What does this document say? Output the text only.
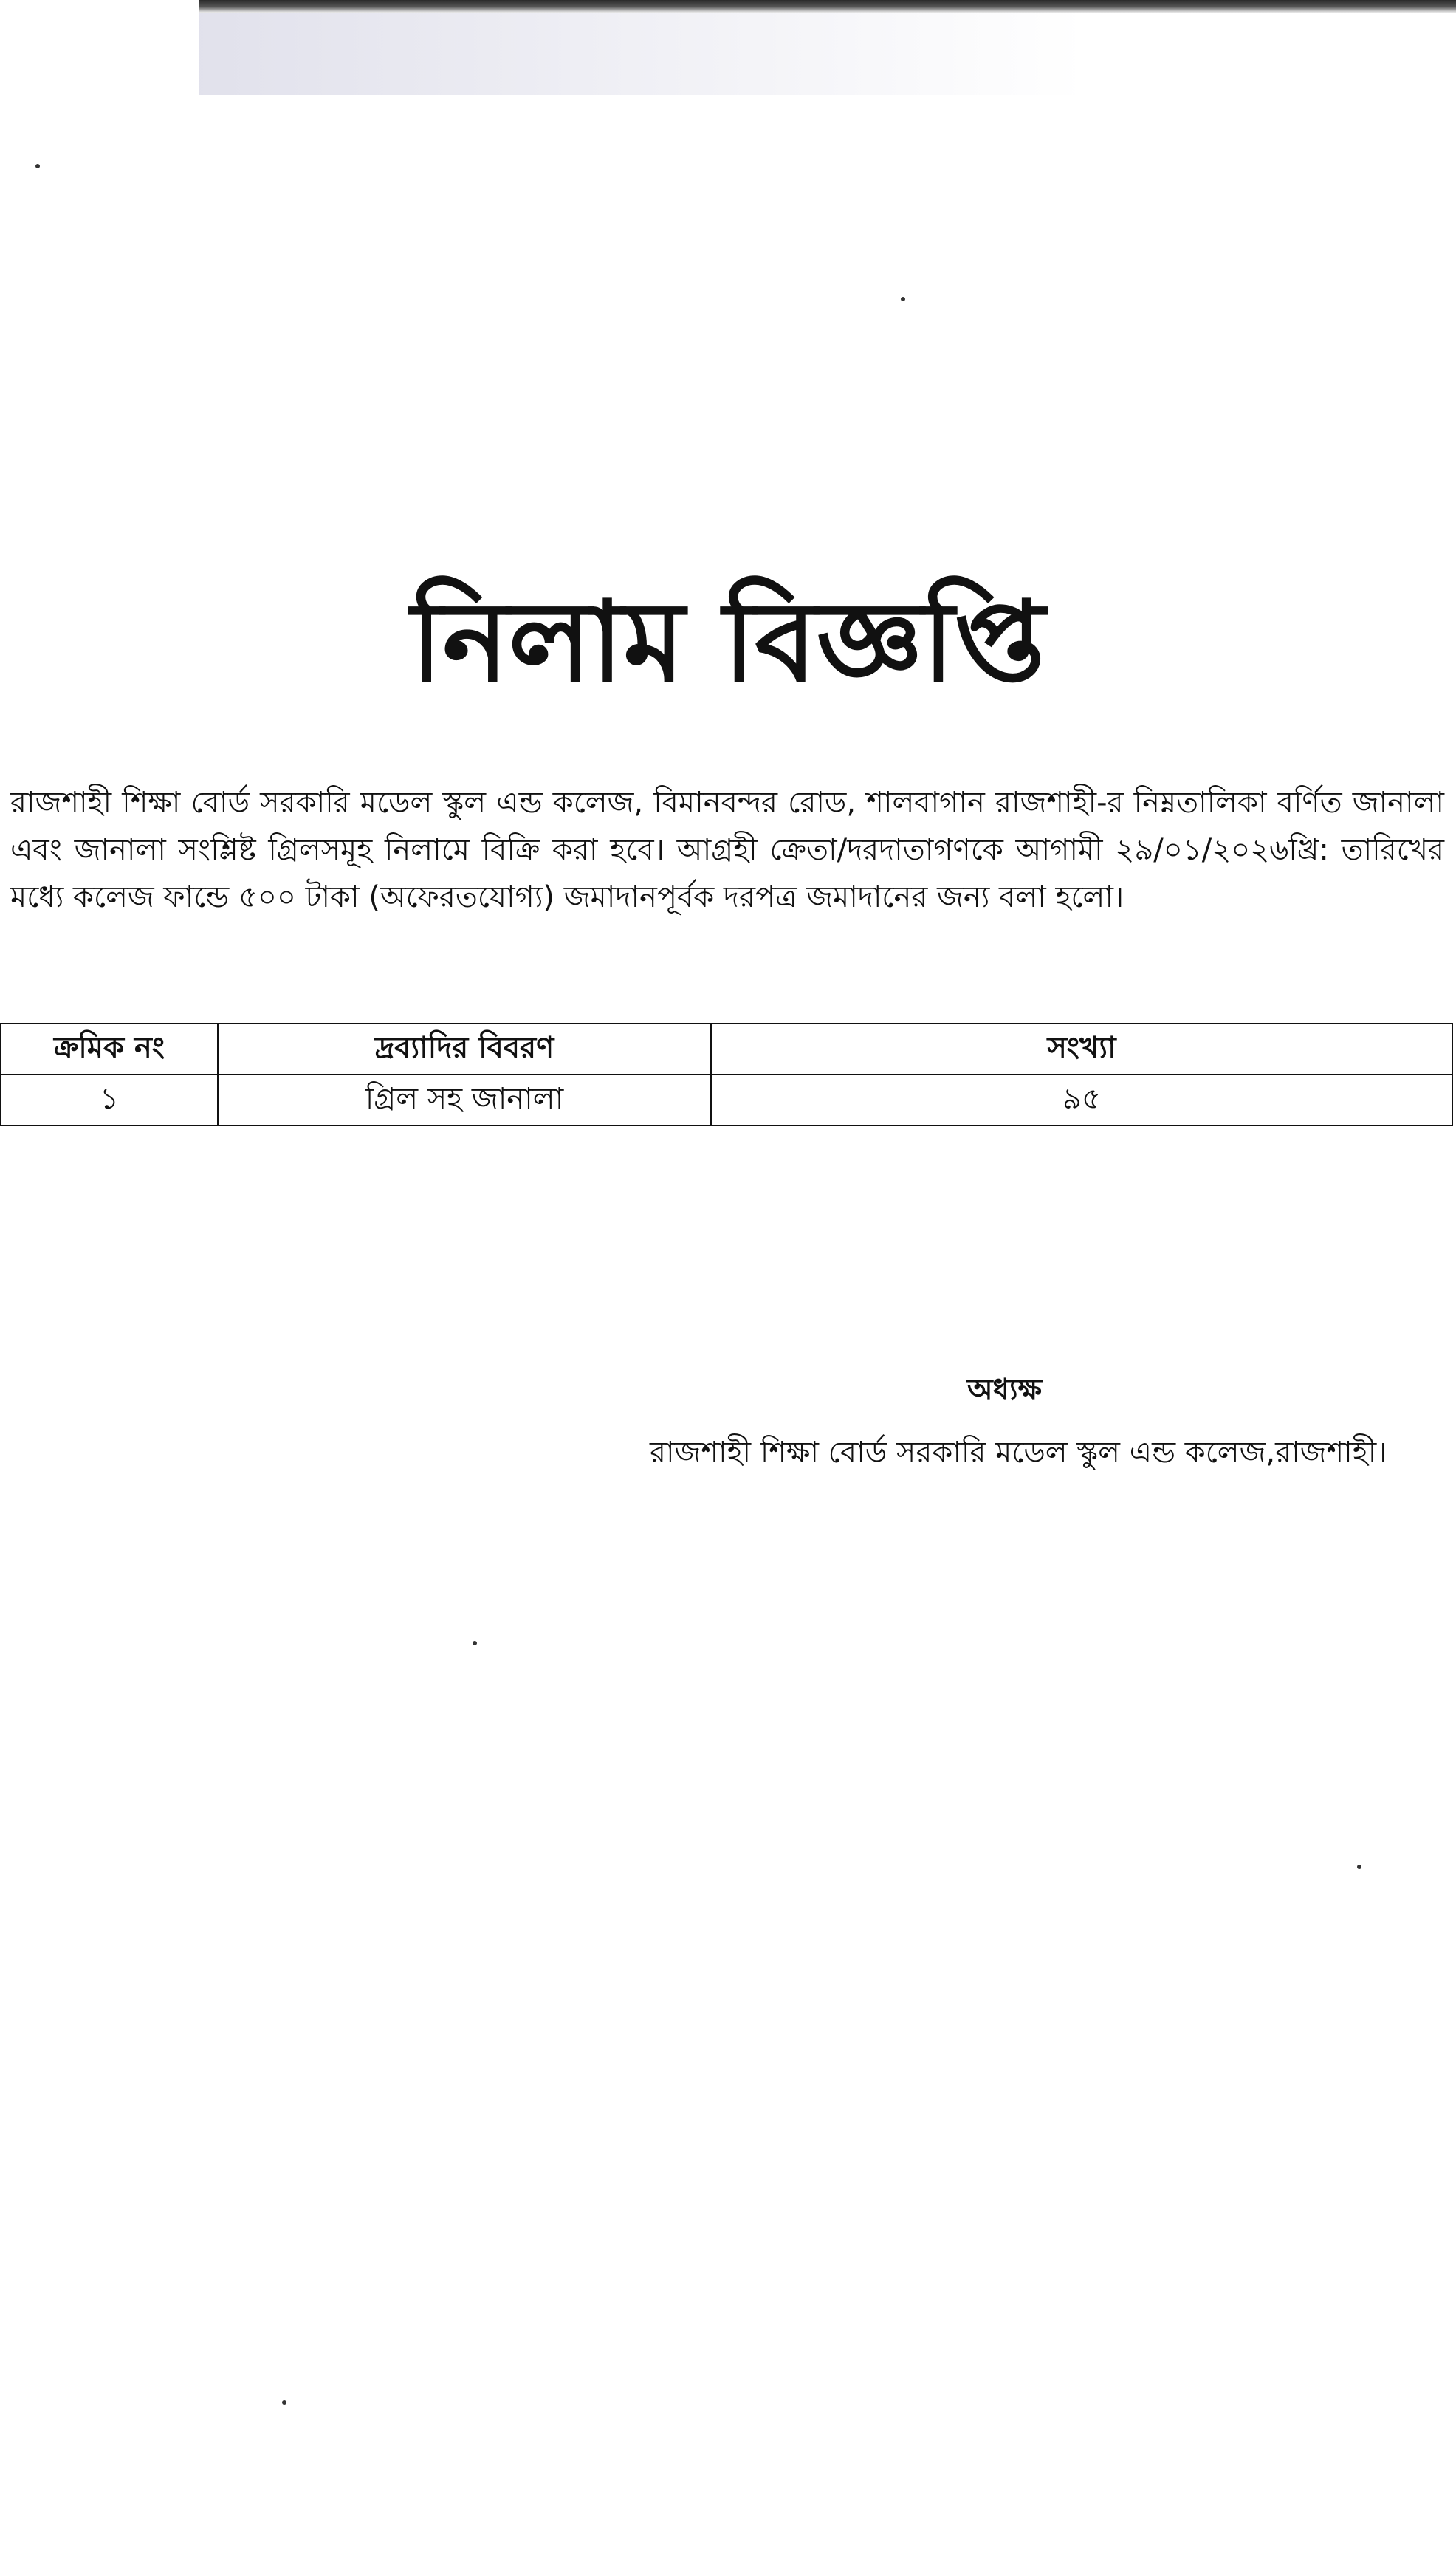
নিলাম বিজ্ঞপ্তি
রাজশাহী শিক্ষা বোর্ড সরকারি মডেল স্কুল এন্ড কলেজ, বিমানবন্দর রোড, শালবাগান রাজশাহী-র নিম্নতালিকা বর্ণিত জানালা এবং জানালা সংশ্লিষ্ট গ্রিলসমূহ নিলামে বিক্রি করা হবে। আগ্রহী ক্রেতা/দরদাতাগণকে আগামী ২৯/০১/২০২৬খ্রি: তারিখের মধ্যে কলেজ ফান্ডে ৫০০ টাকা (অফেরতযোগ্য) জমাদানপূর্বক দরপত্র জমাদানের জন্য বলা হলো।
ক্রমিক নং	দ্রব্যাদির বিবরণ	সংখ্যা
১	গ্রিল সহ জানালা	৯৫
অধ্যক্ষ
রাজশাহী শিক্ষা বোর্ড সরকারি মডেল স্কুল এন্ড কলেজ,রাজশাহী।
